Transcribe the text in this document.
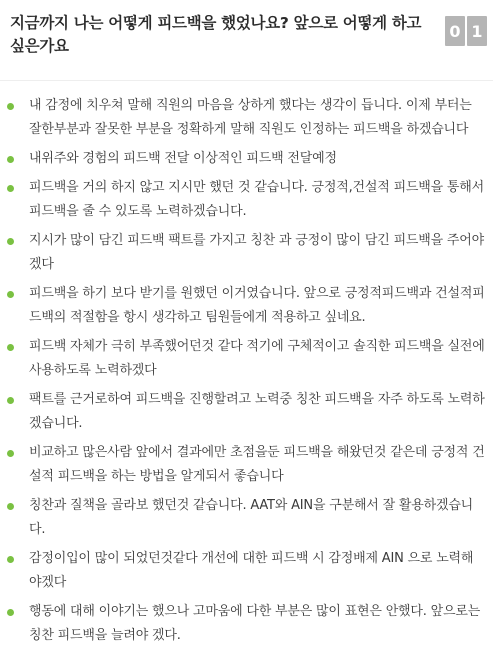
지금까지 나는 어떻게 피드백을 했었나요? 앞으로 어떻게 하고 싶은가요
0 1
내 감정에 치우쳐 말해 직원의 마음을 상하게 했다는 생각이 듭니다. 이제 부터는 잘한부분과 잘못한 부분을 정확하게 말해 직원도 인정하는 피드백을 하겠습니다
내위주와 경험의 피드백 전달 이상적인 피드백 전달예정
피드백을 거의 하지 않고 지시만 했던 것 같습니다. 긍정적,건설적 피드백을 통해서 피드백을 줄 수 있도록 노력하겠습니다.
지시가 많이 담긴 피드백 팩트를 가지고 칭찬 과 긍정이 많이 담긴 피드백을 주어야 겠다
피드백을 하기 보다 받기를 원했던 이거였습니다. 앞으로 긍정적피드백과 건설적피드백의 적절함을 항시 생각하고 팀원들에게 적용하고 싶네요.
피드백 자체가 극히 부족했어던것 같다 적기에 구체적이고 솔직한 피드백을 실전에 사용하도록 노력하겠다
팩트를 근거로하여 피드백을 진행할려고 노력중 칭찬 피드백을 자주 하도록 노력하겠습니다.
비교하고 많은사람 앞에서 결과에만 초점을둔 피드백을 해왔던것 같은데 긍정적 건설적 피드백을 하는 방법을 알게되서 좋습니다
칭찬과 질책을 골라보 했던것 같습니다. AAT와 AIN을 구분해서 잘 활용하겠습니다.
감정이입이 많이 되었던것같다 개선에 대한 피드백 시 감정배제 AIN 으로 노력해야겠다
행동에 대해 이야기는 했으나 고마움에 다한 부분은 많이 표현은 안했다. 앞으로는 칭찬 피드백을 늘려야 겠다.
